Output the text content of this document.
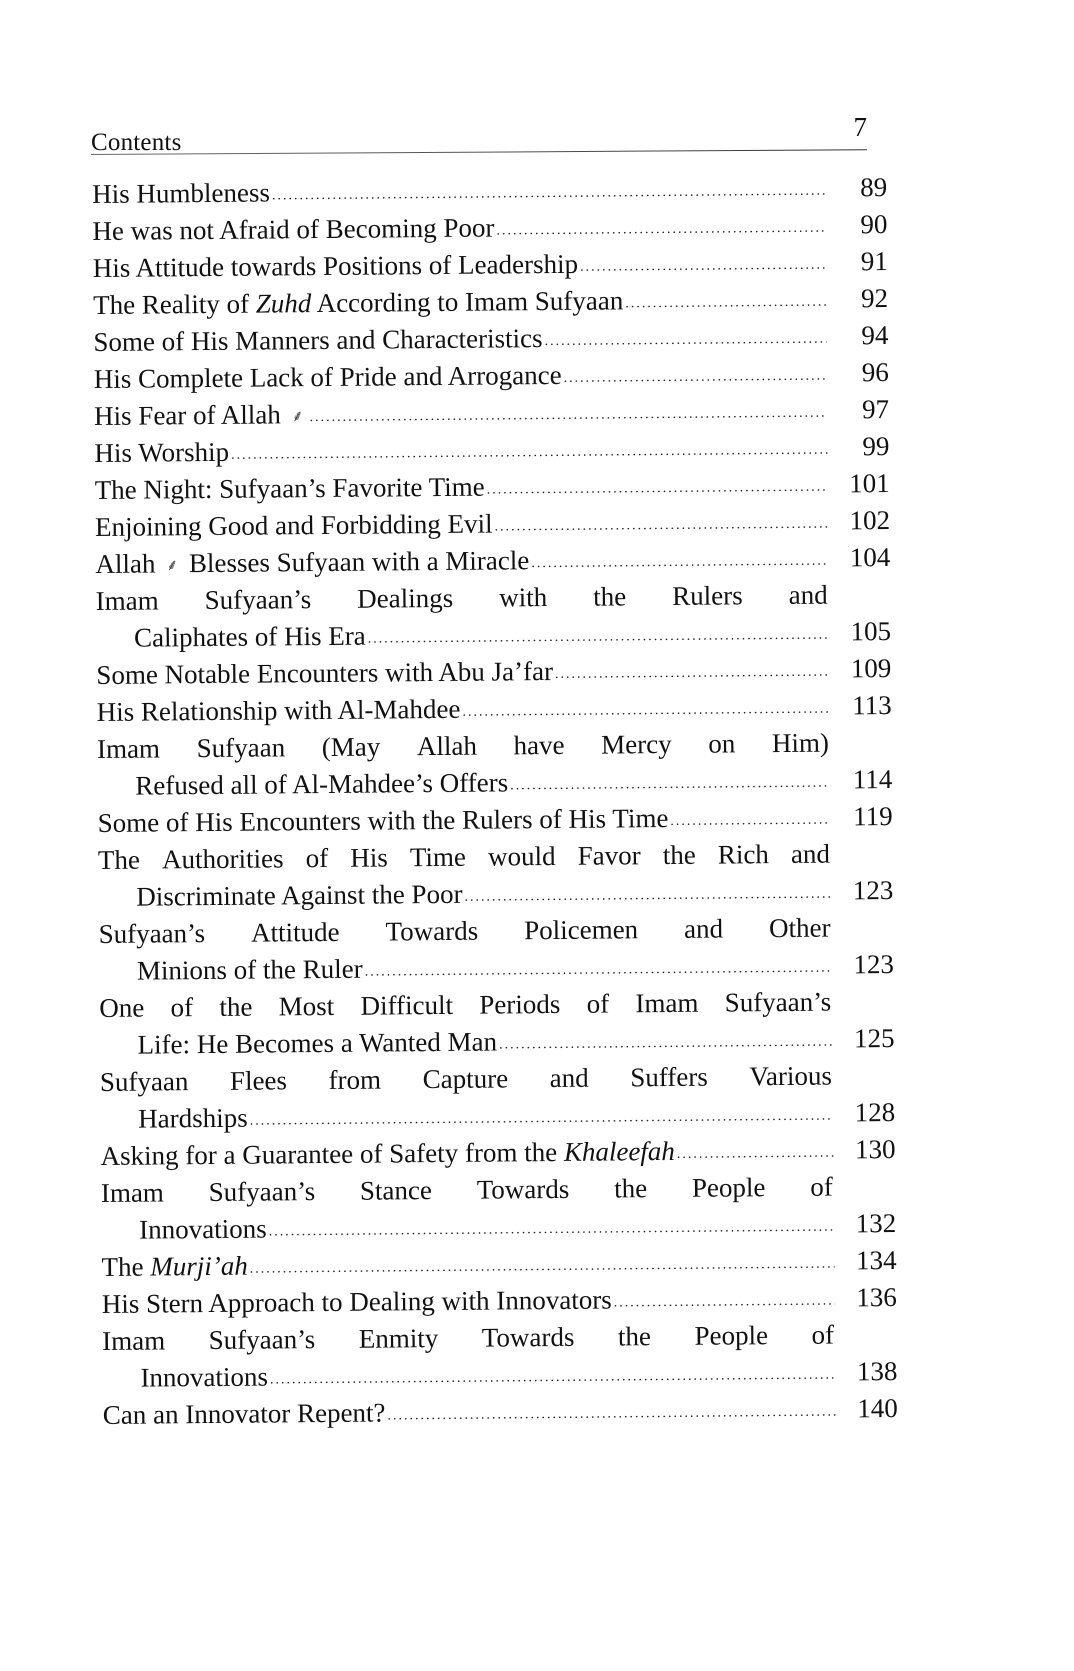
Contents
7
His Humbleness .....	89
He was not Afraid of Becoming Poor .....	90
His Attitude towards Positions of Leadership .....	91
The Reality of Zuhd According to Imam Sufyaan .....	92
Some of His Manners and Characteristics .....	94
His Complete Lack of Pride and Arrogance .....	96
His Fear of Allah ⸙ .....	97
His Worship .....	99
The Night: Sufyaan’s Favorite Time .....	101
Enjoining Good and Forbidding Evil .....	102
Allah ⸙ Blesses Sufyaan with a Miracle .....	104
Imam Sufyaan’s Dealings with the Rulers and
Caliphates of His Era .....	105
Some Notable Encounters with Abu Ja’far .....	109
His Relationship with Al-Mahdee .....	113
Imam Sufyaan (May Allah have Mercy on Him)
Refused all of Al-Mahdee’s Offers .....	114
Some of His Encounters with the Rulers of His Time .....	119
The Authorities of His Time would Favor the Rich and
Discriminate Against the Poor .....	123
Sufyaan’s Attitude Towards Policemen and Other
Minions of the Ruler .....	123
One of the Most Difficult Periods of Imam Sufyaan’s
Life: He Becomes a Wanted Man .....	125
Sufyaan Flees from Capture and Suffers Various
Hardships .....	128
Asking for a Guarantee of Safety from the Khaleefah .....	130
Imam Sufyaan’s Stance Towards the People of
Innovations .....	132
The Murji’ah .....	134
His Stern Approach to Dealing with Innovators .....	136
Imam Sufyaan’s Enmity Towards the People of
Innovations .....	138
Can an Innovator Repent? .....	140
